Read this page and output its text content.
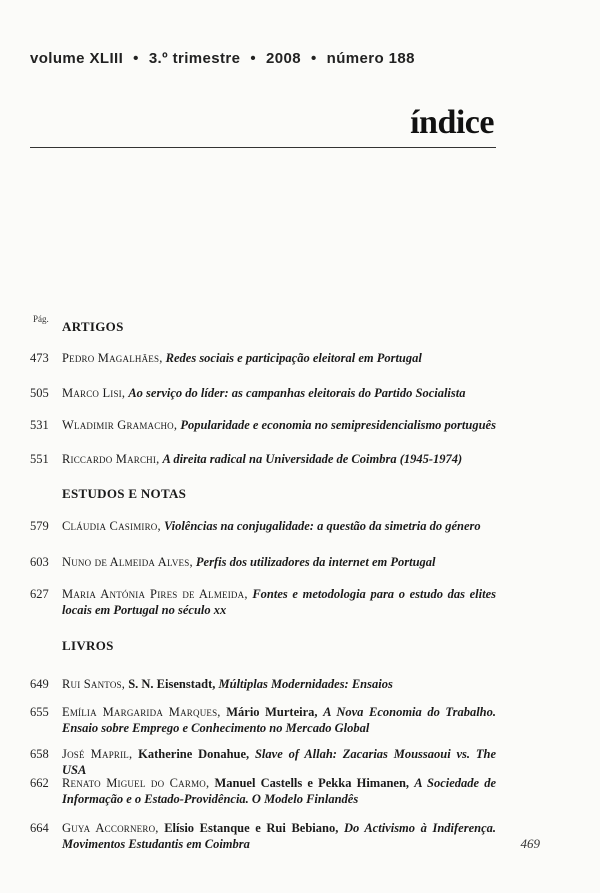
volume XLIII • 3.º trimestre • 2008 • número 188
índice
Pág. ARTIGOS
473	Pedro Magalhães, Redes sociais e participação eleitoral em Portugal
505	Marco Lisi, Ao serviço do líder: as campanhas eleitorais do Partido Socialista
531	Wladimir Gramacho, Popularidade e economia no semipresidencialismo português
551	Riccardo Marchi, A direita radical na Universidade de Coimbra (1945-1974)
ESTUDOS E NOTAS
579	Cláudia Casimiro, Violências na conjugalidade: a questão da simetria do género
603	Nuno de Almeida Alves, Perfis dos utilizadores da internet em Portugal
627	Maria Antónia Pires de Almeida, Fontes e metodologia para o estudo das elites locais em Portugal no século xx
LIVROS
649	Rui Santos, S. N. Eisenstadt, Múltiplas Modernidades: Ensaios
655	Emília Margarida Marques, Mário Murteira, A Nova Economia do Trabalho. Ensaio sobre Emprego e Conhecimento no Mercado Global
658	José Mapril, Katherine Donahue, Slave of Allah: Zacarias Moussaoui vs. The USA
662	Renato Miguel do Carmo, Manuel Castells e Pekka Himanen, A Sociedade de Informação e o Estado-Providência. O Modelo Finlandês
664	Guya Accornero, Elísio Estanque e Rui Bebiano, Do Activismo à Indiferença. Movimentos Estudantis em Coimbra	469
